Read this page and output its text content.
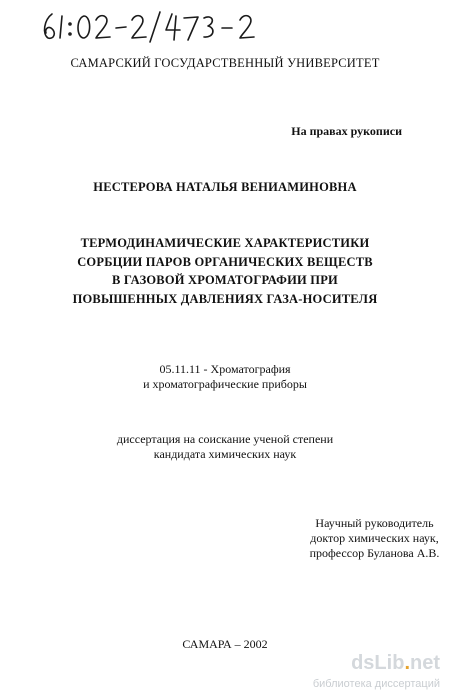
САМАРСКИЙ ГОСУДАРСТВЕННЫЙ УНИВЕРСИТЕТ
На правах рукописи
НЕСТЕРОВА НАТАЛЬЯ ВЕНИАМИНОВНА
ТЕРМОДИНАМИЧЕСКИЕ ХАРАКТЕРИСТИКИ
СОРБЦИИ ПАРОВ ОРГАНИЧЕСКИХ ВЕЩЕСТВ
В ГАЗОВОЙ ХРОМАТОГРАФИИ ПРИ
ПОВЫШЕННЫХ ДАВЛЕНИЯХ ГАЗА-НОСИТЕЛЯ
05.11.11 - Хроматография
и хроматографические приборы
диссертация на соискание ученой степени
кандидата химических наук
Научный руководитель
доктор химических наук,
профессор Буланова А.В.
САМАРА – 2002
dsLib.net
библиотека диссертаций
